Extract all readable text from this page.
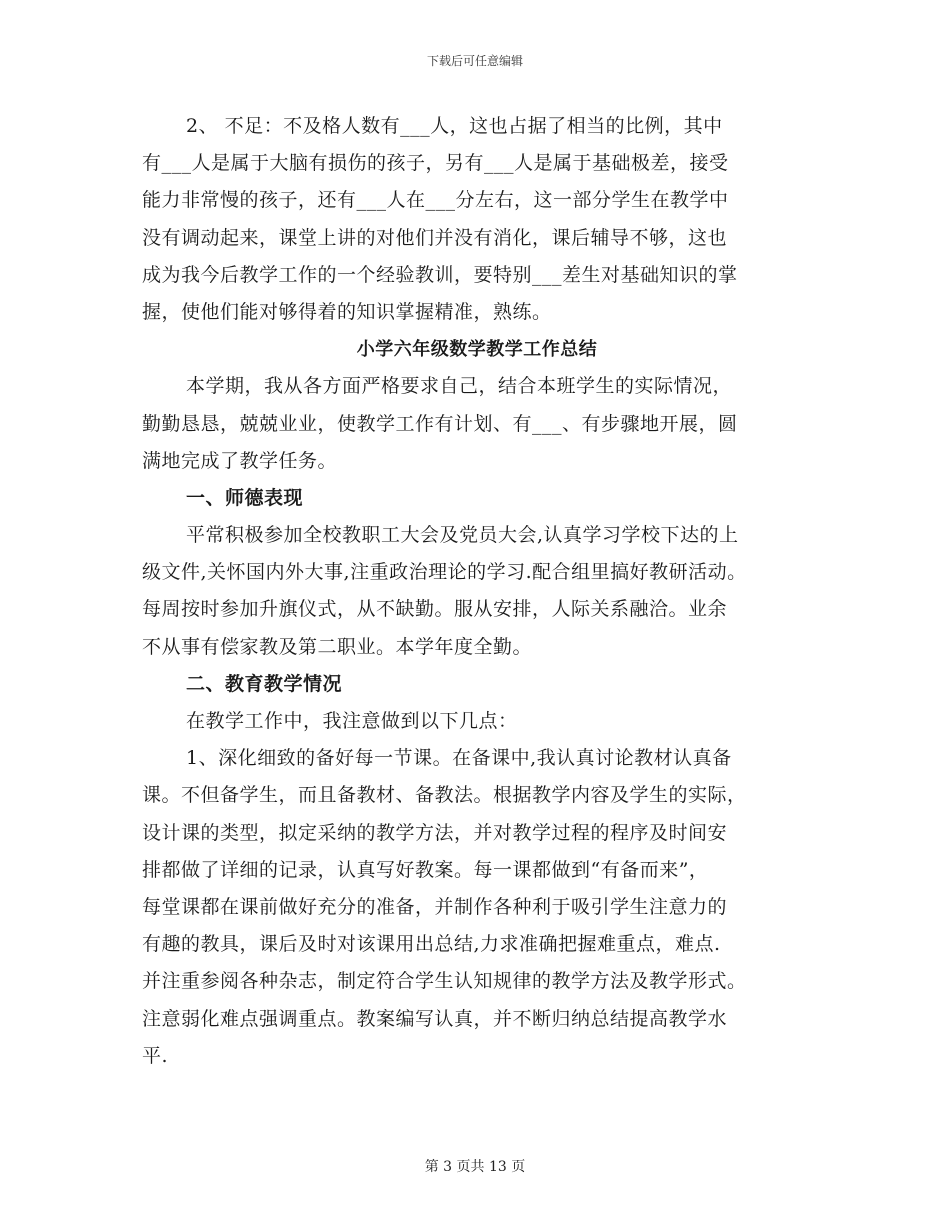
下载后可任意编辑
2、 不足：不及格人数有___人，这也占据了相当的比例，其中
有___人是属于大脑有损伤的孩子，另有___人是属于基础极差，接受
能力非常慢的孩子，还有___人在___分左右，这一部分学生在教学中
没有调动起来，课堂上讲的对他们并没有消化，课后辅导不够，这也
成为我今后教学工作的一个经验教训，要特别___差生对基础知识的掌
握，使他们能对够得着的知识掌握精准，熟练。
小学六年级数学教学工作总结
本学期，我从各方面严格要求自己，结合本班学生的实际情况，
勤勤恳恳，兢兢业业，使教学工作有计划、有___、有步骤地开展，圆
满地完成了教学任务。
一、师德表现
平常积极参加全校教职工大会及党员大会,认真学习学校下达的上
级文件,关怀国内外大事,注重政治理论的学习.配合组里搞好教研活动。
每周按时参加升旗仪式，从不缺勤。服从安排，人际关系融洽。业余
不从事有偿家教及第二职业。本学年度全勤。
二、教育教学情况
在教学工作中，我注意做到以下几点：
1、深化细致的备好每一节课。在备课中,我认真讨论教材认真备
课。不但备学生，而且备教材、备教法。根据教学内容及学生的实际，
设计课的类型，拟定采纳的教学方法，并对教学过程的程序及时间安
排都做了详细的记录，认真写好教案。每一课都做到“有备而来”，
每堂课都在课前做好充分的准备，并制作各种利于吸引学生注意力的
有趣的教具，课后及时对该课用出总结,力求准确把握难重点，难点.
并注重参阅各种杂志，制定符合学生认知规律的教学方法及教学形式。
注意弱化难点强调重点。教案编写认真，并不断归纳总结提高教学水
平.
第 3 页共 13 页
